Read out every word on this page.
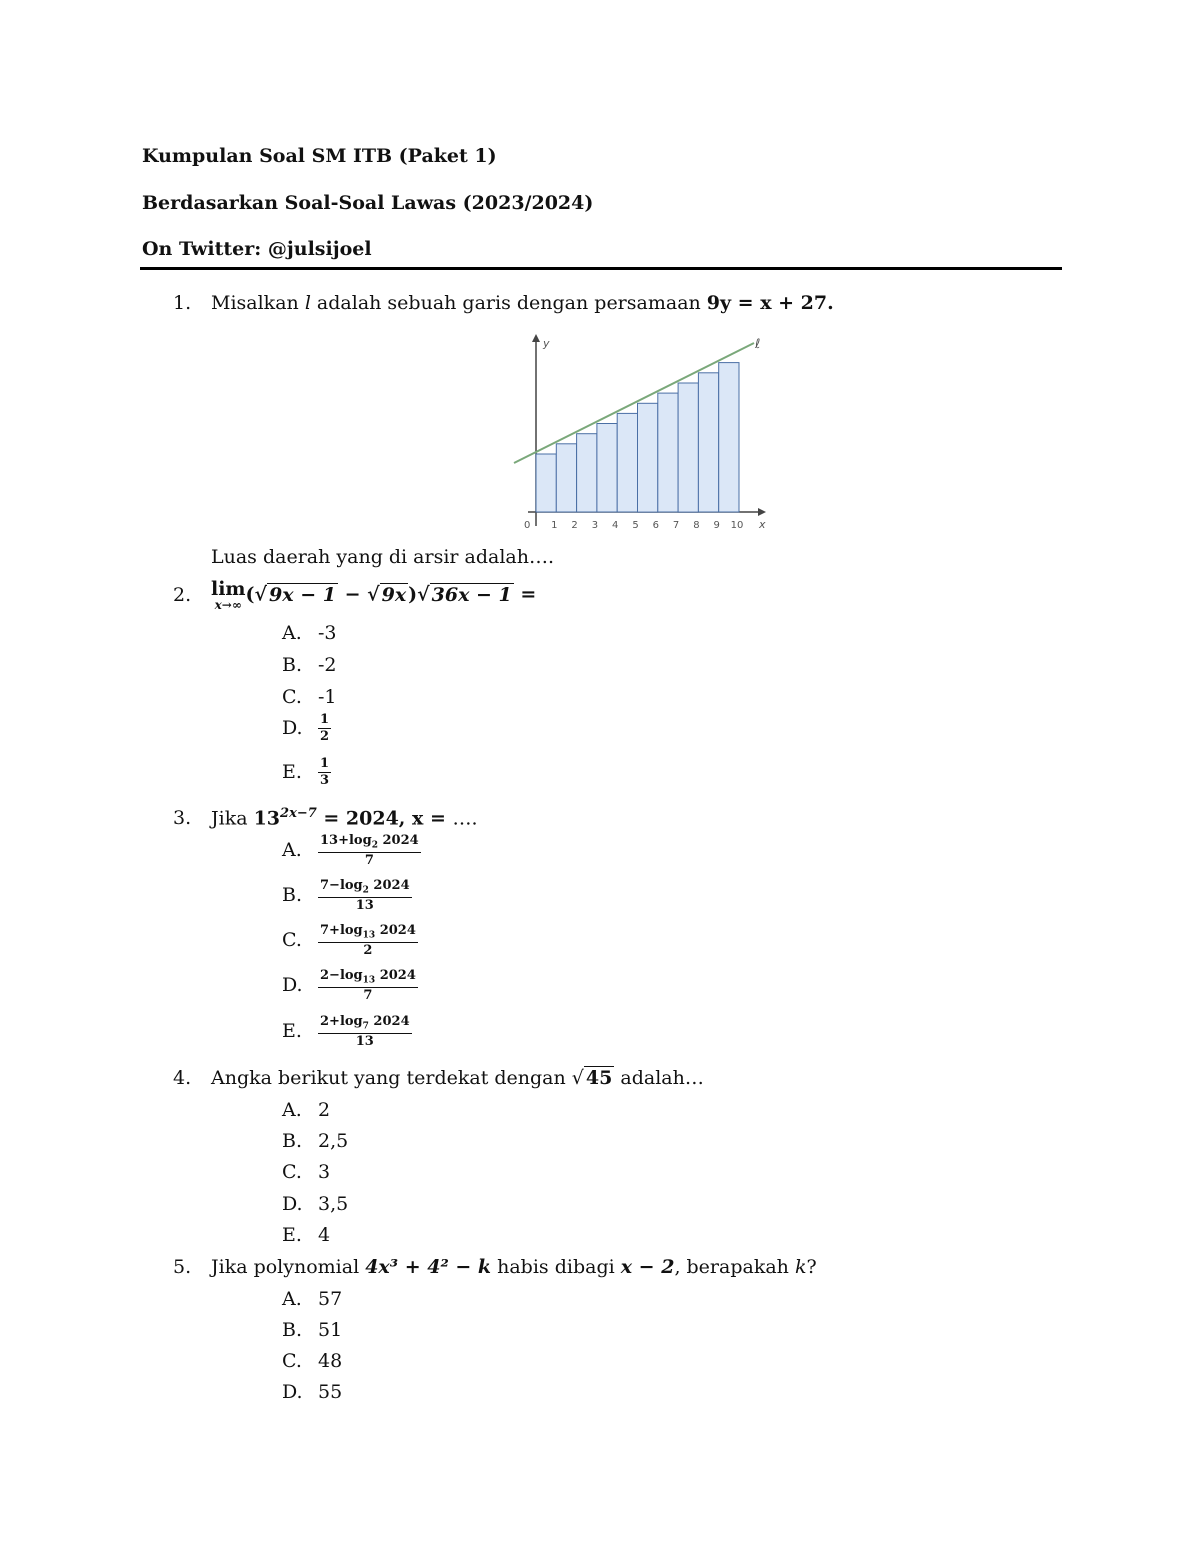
Kumpulan Soal SM ITB (Paket 1)
Berdasarkan Soal-Soal Lawas (2023/2024)
On Twitter: @julsijoel
1. Misalkan l adalah sebuah garis dengan persamaan 9y = x + 27.
y
x
0 1 2 3 4 5 6 7 8 9 10
ℓ
Luas daerah yang di arsir adalah….
2. lim
x→∞ (√ 9x − 1 − √ 9x )√ 36x − 1 =
A. -3
B. -2
C. -1
D. $\frac{1}{2}$
E. $\frac{1}{3}$
3. Jika $13^{2x-7} = 2024$, x = ….
A. $\frac{13+\log_2 2024}{7}$
B. $\frac{7-\log_2 2024}{13}$
C. $\frac{7+\log_{13} 2024}{2}$
D. $\frac{2-\log_{13} 2024}{7}$
E. $\frac{2+\log_7 2024}{13}$
4. Angka berikut yang terdekat dengan √ 45 adalah…
A. 2
B. 2,5
C. 3
D. 3,5
E. 4
5. Jika polynomial 4x³ + 4² − k habis dibagi x − 2, berapakah k?
A. 57
B. 51
C. 48
D. 55
